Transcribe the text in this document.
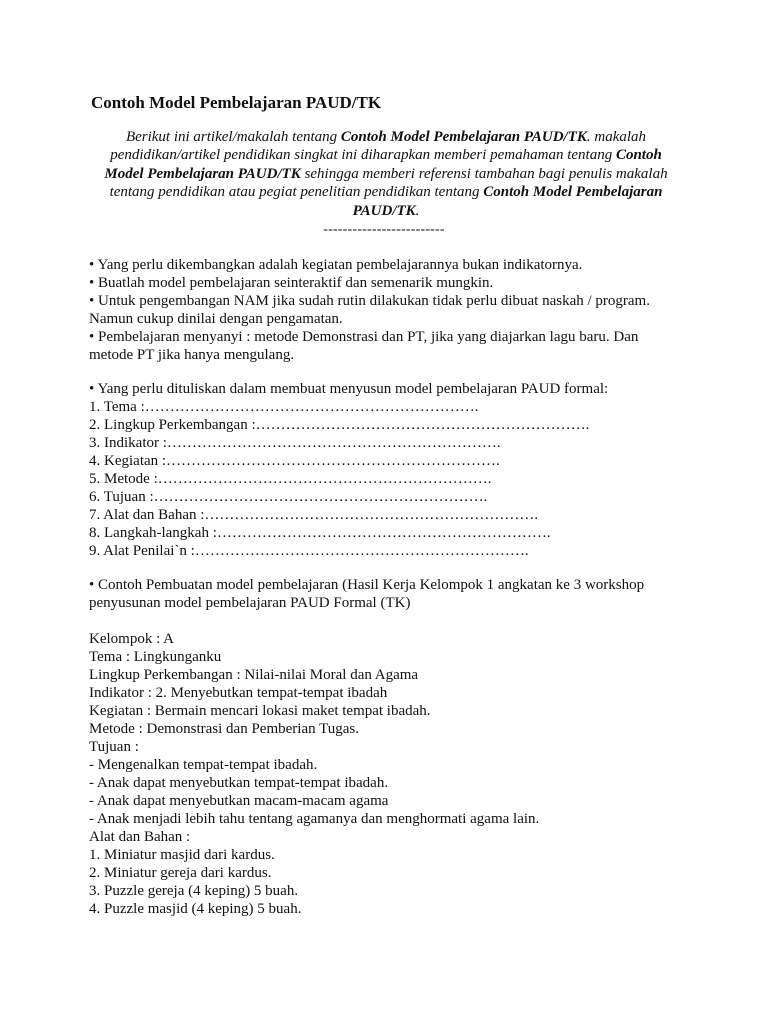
Contoh Model Pembelajaran PAUD/TK

Berikut ini artikel/makalah tentang Contoh Model Pembelajaran PAUD/TK. makalah pendidikan/artikel pendidikan singkat ini diharapkan memberi pemahaman tentang Contoh Model Pembelajaran PAUD/TK sehingga memberi referensi tambahan bagi penulis makalah tentang pendidikan atau pegiat penelitian pendidikan tentang Contoh Model Pembelajaran PAUD/TK.

-------------------------
• Yang perlu dikembangkan adalah kegiatan pembelajarannya bukan indikatornya.
• Buatlah model pembelajaran seinteraktif dan semenarik mungkin.
• Untuk pengembangan NAM jika sudah rutin dilakukan tidak perlu dibuat naskah / program.
Namun cukup dinilai dengan pengamatan.
• Pembelajaran menyanyi : metode Demonstrasi dan PT, jika yang diajarkan lagu baru. Dan
metode PT jika hanya mengulang.
• Yang perlu dituliskan dalam membuat menyusun model pembelajaran PAUD formal:
1. Tema :………………………………………………………….
2. Lingkup Perkembangan :………………………………………………………….
3. Indikator :………………………………………………………….
4. Kegiatan :………………………………………………………….
5. Metode :………………………………………………………….
6. Tujuan :………………………………………………………….
7. Alat dan Bahan :………………………………………………………….
8. Langkah-langkah :………………………………………………………….
9. Alat Penilai`n :………………………………………………………….
• Contoh Pembuatan model pembelajaran (Hasil Kerja Kelompok 1 angkatan ke 3 workshop
penyusunan model pembelajaran PAUD Formal (TK)
Kelompok : A
Tema : Lingkunganku
Lingkup Perkembangan : Nilai-nilai Moral dan Agama
Indikator : 2. Menyebutkan tempat-tempat ibadah
Kegiatan : Bermain mencari lokasi maket tempat ibadah.
Metode : Demonstrasi dan Pemberian Tugas.
Tujuan :
- Mengenalkan tempat-tempat ibadah.
- Anak dapat menyebutkan tempat-tempat ibadah.
- Anak dapat menyebutkan macam-macam agama
- Anak menjadi lebih tahu tentang agamanya dan menghormati agama lain.
Alat dan Bahan :
1. Miniatur masjid dari kardus.
2. Miniatur gereja dari kardus.
3. Puzzle gereja (4 keping) 5 buah.
4. Puzzle masjid (4 keping) 5 buah.
